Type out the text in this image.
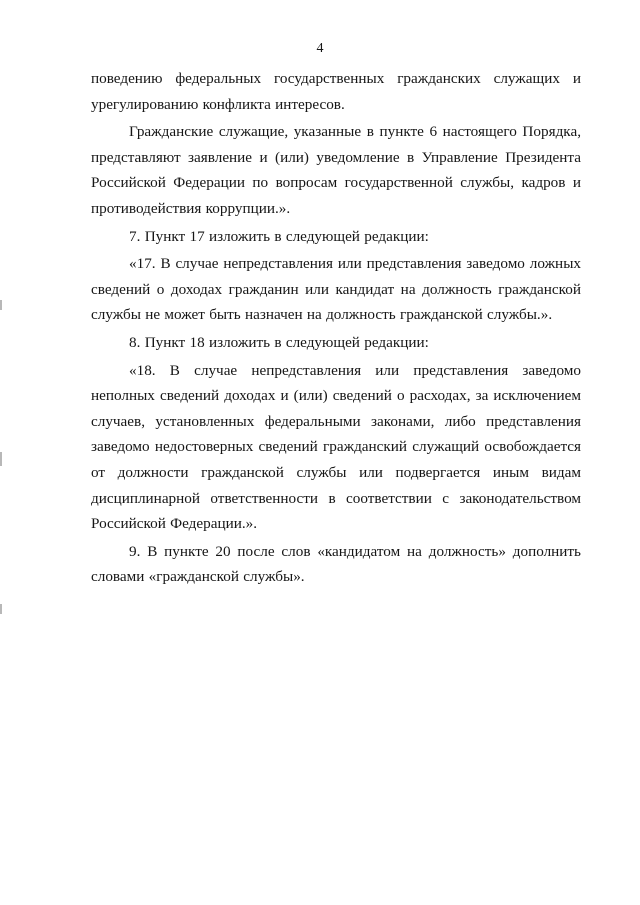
4

поведению федеральных государственных гражданских служащих и урегулированию конфликта интересов.

Гражданские служащие, указанные в пункте 6 настоящего Порядка, представляют заявление и (или) уведомление в Управление Президента Российской Федерации по вопросам государственной службы, кадров и противодействия коррупции.».

7. Пункт 17 изложить в следующей редакции:

«17. В случае непредставления или представления заведомо ложных сведений о доходах гражданин или кандидат на должность гражданской службы не может быть назначен на должность гражданской службы.».

8. Пункт 18 изложить в следующей редакции:

«18. В случае непредставления или представления заведомо неполных сведений доходах и (или) сведений о расходах, за исключением случаев, установленных федеральными законами, либо представления заведомо недостоверных сведений гражданский служащий освобождается от должности гражданской службы или подвергается иным видам дисциплинарной ответственности в соответствии с законодательством Российской Федерации.».

9. В пункте 20 после слов «кандидатом на должность» дополнить словами «гражданской службы».
